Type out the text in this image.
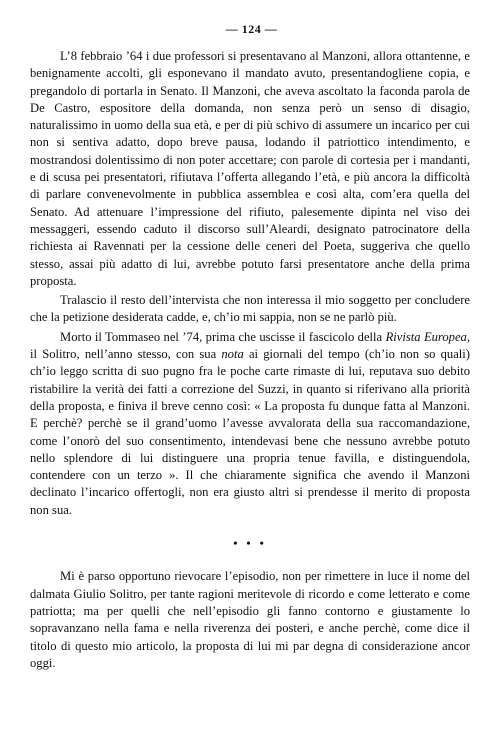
— 124 —

L’8 febbraio ’64 i due professori si presentavano al Manzoni, allora ottantenne, e benignamente accolti, gli esponevano il mandato avuto, presentandogliene copia, e pregandolo di portarla in Senato. Il Manzoni, che aveva ascoltato la faconda parola de De Castro, espositore della domanda, non senza però un senso di disagio, naturalissimo in uomo della sua età, e per di più schivo di assumere un incarico per cui non si sentiva adatto, dopo breve pausa, lodando il patriottico intendimento, e mostrandosi dolentissimo di non poter accettare; con parole di cortesia per i mandanti, e di scusa pei presentatori, rifiutava l’offerta allegando l’età, e più ancora la difficoltà di parlare convenevolmente in pubblica assemblea e così alta, com’era quella del Senato. Ad attenuare l’impressione del rifiuto, palesemente dipinta nel viso dei messaggeri, essendo caduto il discorso sull’Aleardi, designato patrocinatore della richiesta ai Ravennati per la cessione delle ceneri del Poeta, suggeriva che quello stesso, assai più adatto di lui, avrebbe potuto farsi presentatore anche della prima proposta.

Tralascio il resto dell’intervista che non interessa il mio soggetto per concludere che la petizione desiderata cadde, e, ch’io mi sappia, non se ne parlò più.

Morto il Tommaseo nel ’74, prima che uscisse il fascicolo della Rivista Europea, il Solitro, nell’anno stesso, con sua nota ai giornali del tempo (ch’io non so quali) ch’io leggo scritta di suo pugno fra le poche carte rimaste di lui, reputava suo debito ristabilire la verità dei fatti a correzione del Suzzi, in quanto si riferivano alla priorità della proposta, e finiva il breve cenno così: « La proposta fu dunque fatta al Manzoni. E perchè? perchè se il grand’uomo l’avesse avvalorata della sua raccomandazione, come l’onorò del suo consentimento, intendevasi bene che nessuno avrebbe potuto nello splendore di lui distinguere una propria tenue favilla, e distinguendola, contendere con un terzo ». Il che chiaramente significa che avendo il Manzoni declinato l’incarico offertogli, non era giusto altri si prendesse il merito di proposta non sua.

• • •

Mi è parso opportuno rievocare l’episodio, non per rimettere in luce il nome del dalmata Giulio Solitro, per tante ragioni meritevole di ricordo e come letterato e come patriotta; ma per quelli che nell’episodio gli fanno contorno e giustamente lo sopravanzano nella fama e nella riverenza dei posteri, e anche perchè, come dice il titolo di questo mio articolo, la proposta di lui mi par degna di considerazione ancor oggi.
